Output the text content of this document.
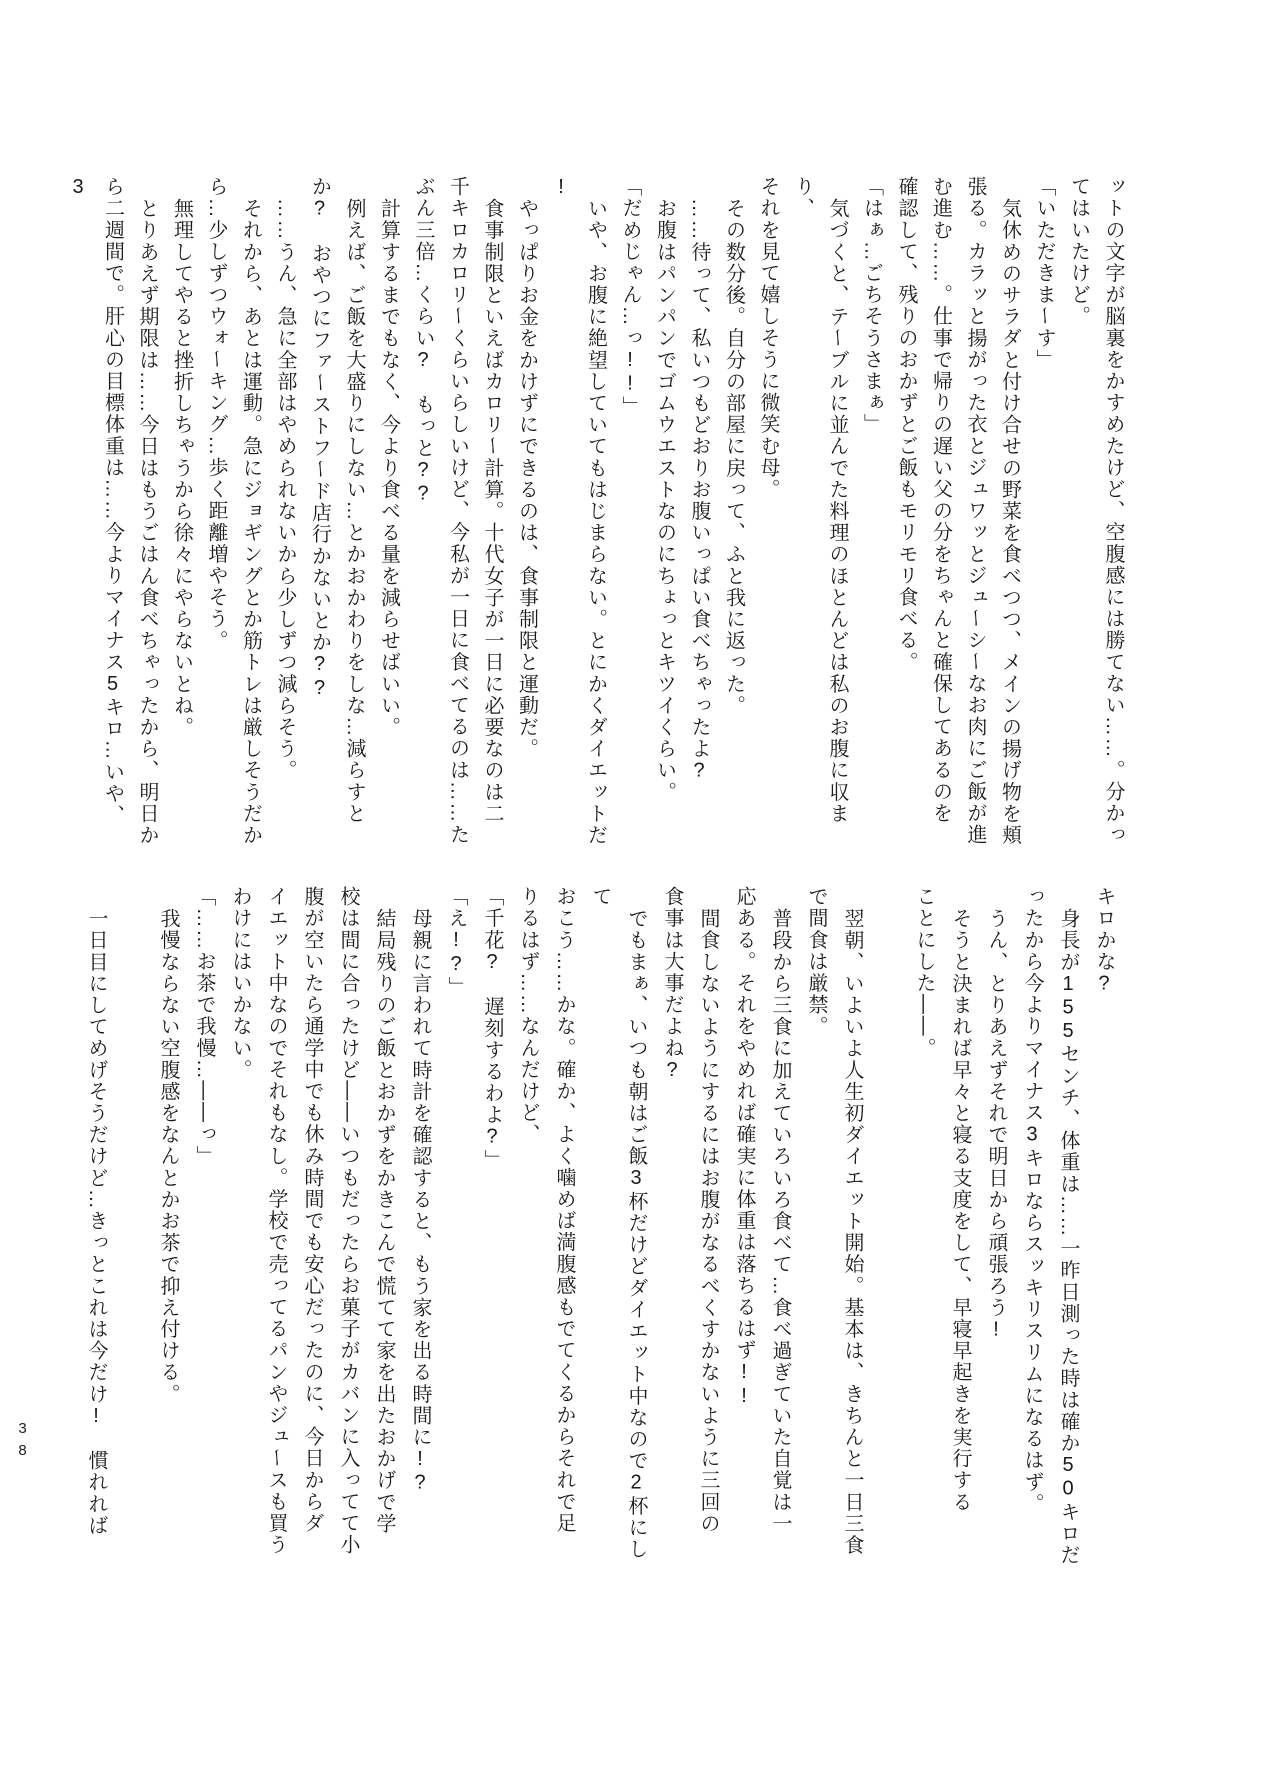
ットの文字が脳裏をかすめたけど、空腹感には勝てない……。分かっ
てはいたけど。
「いただきまーす」
気休めのサラダと付け合せの野菜を食べつつ、メインの揚げ物を頬
張る。カラッと揚がった衣とジュワッとジューシーなお肉にご飯が進
む進む……。仕事で帰りの遅い父の分をちゃんと確保してあるのを
確認して、残りのおかずとご飯もモリモリ食べる。
「はぁ…ごちそうさまぁ」
気づくと、テーブルに並んでた料理のほとんどは私のお腹に収まり、
それを見て嬉しそうに微笑む母。
その数分後。自分の部屋に戻って、ふと我に返った。
……待って、私いつもどおりお腹いっぱい食べちゃったよ?
お腹はパンパンでゴムウエストなのにちょっとキツイくらい。
「だめじゃん…っ!!」
いや、お腹に絶望していてもはじまらない。とにかくダイエットだ!
やっぱりお金をかけずにできるのは、食事制限と運動だ。
食事制限といえばカロリー計算。十代女子が一日に必要なのは二
千キロカロリーくらいらしいけど、今私が一日に食べてるのは……た
ぶん三倍…くらい?　もっと??
計算するまでもなく、今より食べる量を減らせばいい。
例えば、ご飯を大盛りにしない…とかおかわりをしな…減らすと
か?　おやつにファーストフード店行かないとか??
……うん、急に全部はやめられないから少しずつ減らそう。
それから、あとは運動。急にジョギングとか筋トレは厳しそうだか
ら…少しずつウォーキング…歩く距離増やそう。
無理してやると挫折しちゃうから徐々にやらないとね。
とりあえず期限は……今日はもうごはん食べちゃったから、明日か
ら二週間で。肝心の目標体重は……今よりマイナス5キロ…いや、3
キロかな?
身長が155センチ、体重は……一昨日測った時は確か50キロだ
ったから今よりマイナス3キロならスッキリスリムになるはず。
うん、とりあえずそれで明日から頑張ろう!
そうと決まれば早々と寝る支度をして、早寝早起きを実行する
ことにした――。

翌朝、いよいよ人生初ダイエット開始。基本は、きちんと一日三食
で間食は厳禁。
普段から三食に加えていろいろ食べて…食べ過ぎていた自覚は一
応ある。それをやめれば確実に体重は落ちるはず!!
間食しないようにするにはお腹がなるべくすかないように三回の
食事は大事だよね?
でもまぁ、いつも朝はご飯3杯だけどダイエット中なので2杯にして
おこう……かな。確か、よく噛めば満腹感もでてくるからそれで足
りるはず……なんだけど、
「千花?　遅刻するわよ?」
「え!?」
母親に言われて時計を確認すると、もう家を出る時間に!?
結局残りのご飯とおかずをかきこんで慌てて家を出たおかげで学
校は間に合ったけど――いつもだったらお菓子がカバンに入ってて小
腹が空いたら通学中でも休み時間でも安心だったのに、今日からダ
イエット中なのでそれもなし。学校で売ってるパンやジュースも買う
わけにはいかない。
「……お茶で我慢…――っ」
我慢ならない空腹感をなんとかお茶で抑え付ける。

一日目にしてめげそうだけど…きっとこれは今だけ!　慣れれば
38
